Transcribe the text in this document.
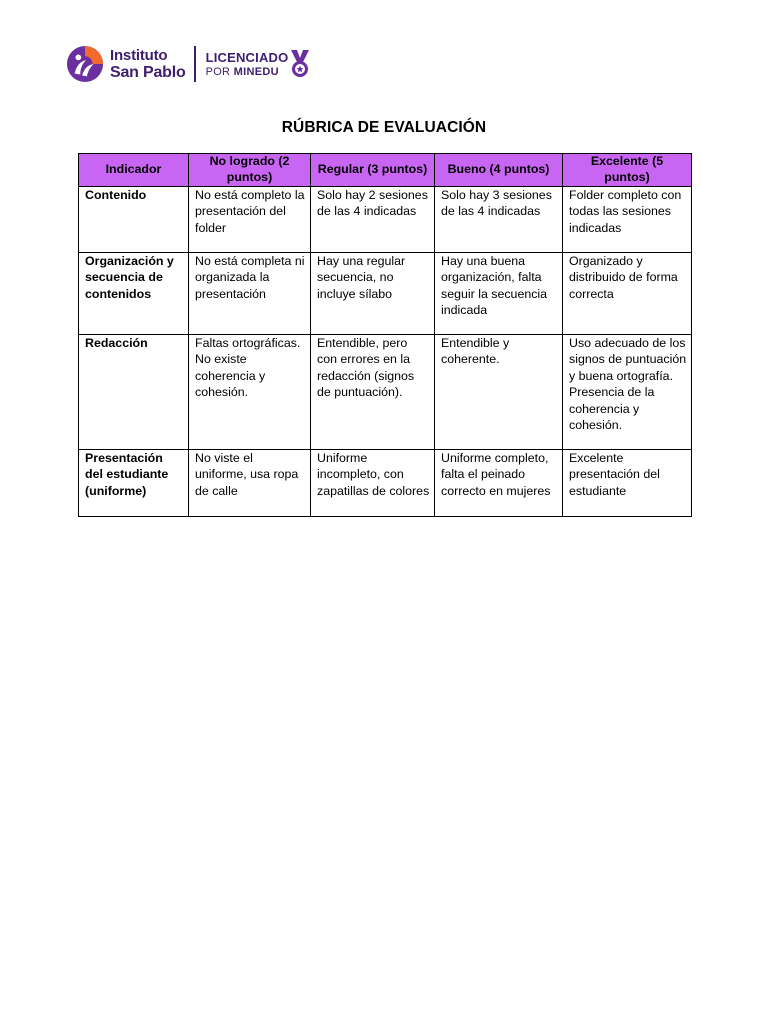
Instituto
San Pablo
LICENCIADO
POR MINEDU
RÚBRICA DE EVALUACIÓN
Indicador	No logrado (2 puntos)	Regular (3 puntos)	Bueno (4 puntos)	Excelente (5 puntos)
Contenido	No está completo la presentación del folder	Solo hay 2 sesiones de las 4 indicadas	Solo hay 3 sesiones de las 4 indicadas	Folder completo con todas las sesiones indicadas
Organización y secuencia de contenidos	No está completa ni organizada la presentación	Hay una regular secuencia, no incluye sílabo	Hay una buena organización, falta seguir la secuencia indicada	Organizado y distribuido de forma correcta
Redacción	Faltas ortográficas. No existe coherencia y cohesión.	Entendible, pero con errores en la redacción (signos de puntuación).	Entendible y coherente.	Uso adecuado de los signos de puntuación y buena ortografía. Presencia de la coherencia y cohesión.
Presentación del estudiante (uniforme)	No viste el uniforme, usa ropa de calle	Uniforme incompleto, con zapatillas de colores	Uniforme completo, falta el peinado correcto en mujeres	Excelente presentación del estudiante
